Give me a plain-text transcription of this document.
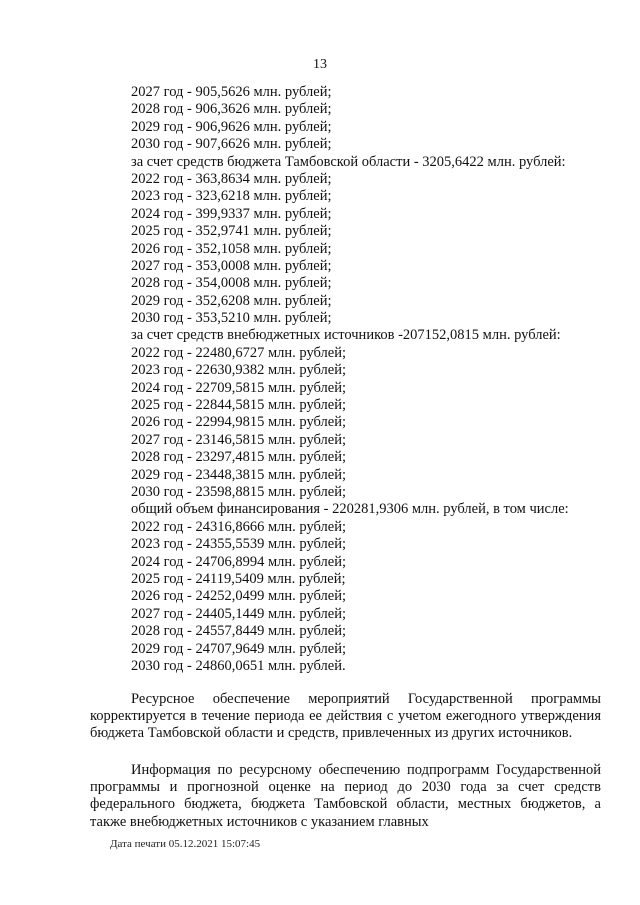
13
2027 год - 905,5626 млн. рублей;
2028 год - 906,3626 млн. рублей;
2029 год - 906,9626 млн. рублей;
2030 год - 907,6626 млн. рублей;
за счет средств бюджета Тамбовской области - 3205,6422 млн. рублей:
2022 год - 363,8634 млн. рублей;
2023 год - 323,6218 млн. рублей;
2024 год - 399,9337 млн. рублей;
2025 год - 352,9741 млн. рублей;
2026 год - 352,1058 млн. рублей;
2027 год - 353,0008 млн. рублей;
2028 год - 354,0008 млн. рублей;
2029 год - 352,6208 млн. рублей;
2030 год - 353,5210 млн. рублей;
за счет средств внебюджетных источников -207152,0815 млн. рублей:
2022 год - 22480,6727 млн. рублей;
2023 год - 22630,9382 млн. рублей;
2024 год - 22709,5815 млн. рублей;
2025 год - 22844,5815 млн. рублей;
2026 год - 22994,9815 млн. рублей;
2027 год - 23146,5815 млн. рублей;
2028 год - 23297,4815 млн. рублей;
2029 год - 23448,3815 млн. рублей;
2030 год - 23598,8815 млн. рублей;
общий объем финансирования - 220281,9306 млн. рублей, в том числе:
2022 год - 24316,8666 млн. рублей;
2023 год - 24355,5539 млн. рублей;
2024 год - 24706,8994 млн. рублей;
2025 год - 24119,5409 млн. рублей;
2026 год - 24252,0499 млн. рублей;
2027 год - 24405,1449 млн. рублей;
2028 год - 24557,8449 млн. рублей;
2029 год - 24707,9649 млн. рублей;
2030 год - 24860,0651 млн. рублей.

Ресурсное обеспечение мероприятий Государственной программы корректируется в течение периода ее действия с учетом ежегодного утверждения бюджета Тамбовской области и средств, привлеченных из других источников.

Информация по ресурсному обеспечению подпрограмм Государственной программы и прогнозной оценке на период до 2030 года за счет средств федерального бюджета, бюджета Тамбовской области, местных бюджетов, а также внебюджетных источников с указанием главных

Дата печати 05.12.2021 15:07:45
